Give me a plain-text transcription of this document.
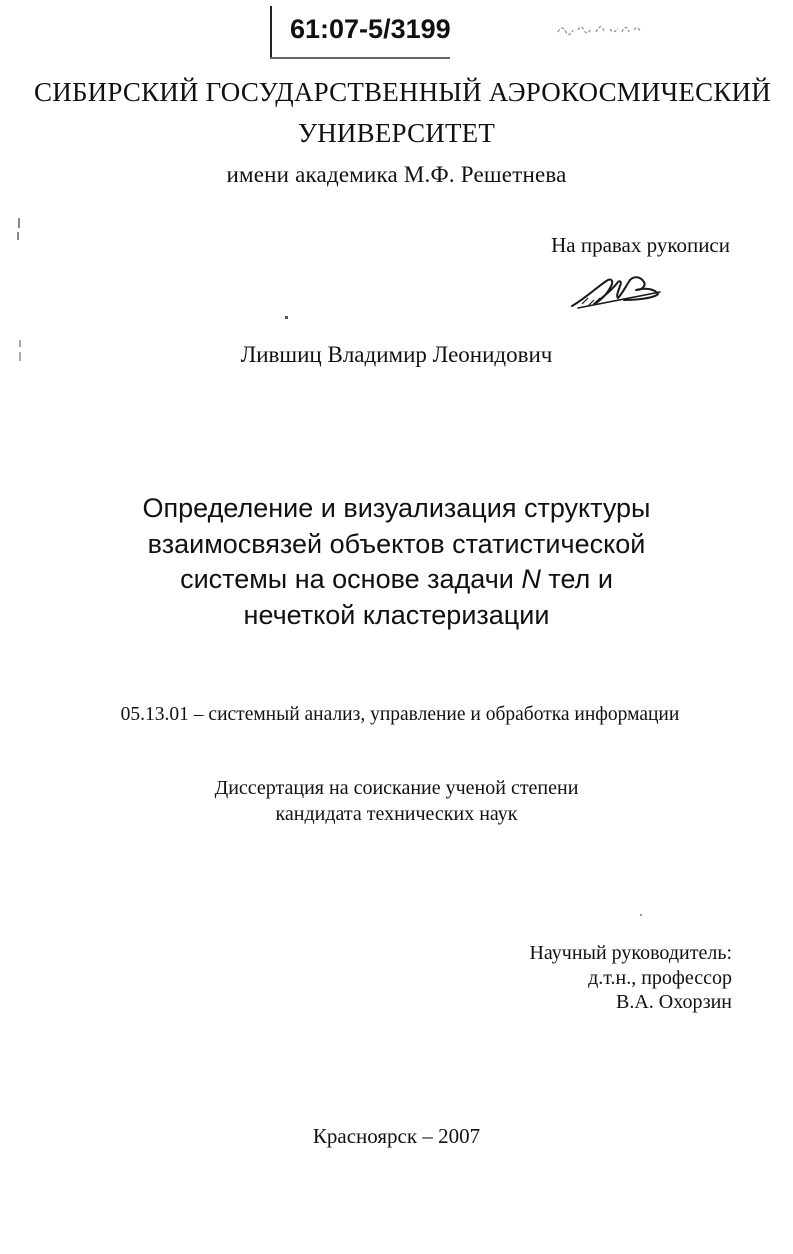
61:07-5/3199
СИБИРСКИЙ ГОСУДАРСТВЕННЫЙ АЭРОКОСМИЧЕСКИЙ
УНИВЕРСИТЕТ
имени академика М.Ф. Решетнева
На правах рукописи
Лившиц Владимир Леонидович
Определение и визуализация структуры
взаимосвязей объектов статистической
системы на основе задачи N тел и
нечеткой кластеризации
05.13.01 – системный анализ, управление и обработка информации
Диссертация на соискание ученой степени
кандидата технических наук
Научный руководитель:
д.т.н., профессор
В.А. Охорзин
Красноярск – 2007
